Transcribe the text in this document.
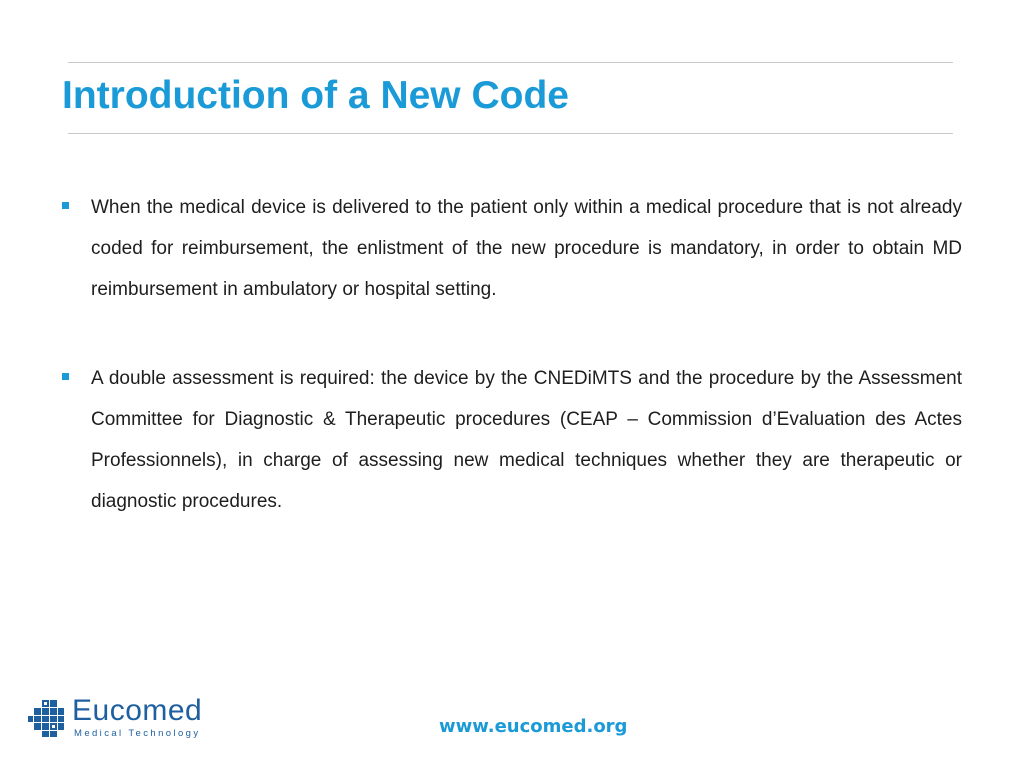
Introduction of a New Code
When the medical device is delivered to the patient only within a medical procedure that is not already coded for reimbursement, the enlistment of the new procedure is mandatory, in order to obtain MD reimbursement in ambulatory or hospital setting.
A double assessment is required: the device by the CNEDiMTS and the procedure by the Assessment Committee for Diagnostic & Therapeutic procedures (CEAP – Commission d’Evaluation des Actes Professionnels), in charge of assessing new medical techniques whether they are therapeutic or diagnostic procedures.
Eucomed
Medical Technology	www.eucomed.org
